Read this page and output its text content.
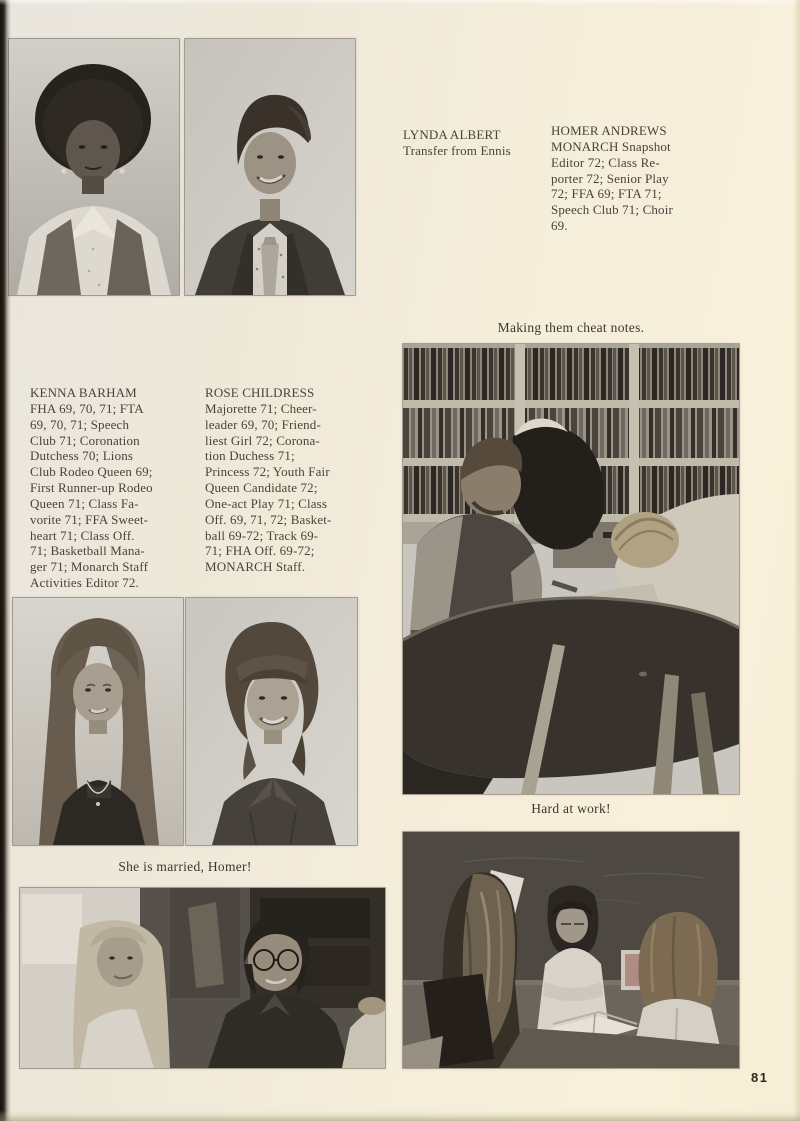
LYNDA ALBERT
Transfer from Ennis
HOMER ANDREWS
MONARCH Snapshot
Editor 72; Class Re-
porter 72; Senior Play
72; FFA 69; FTA 71;
Speech Club 71; Choir
69.
Making them cheat notes.
KENNA BARHAM
FHA 69, 70, 71; FTA
69, 70, 71; Speech
Club 71; Coronation
Dutchess 70; Lions
Club Rodeo Queen 69;
First Runner-up Rodeo
Queen 71; Class Fa-
vorite 71; FFA Sweet-
heart 71; Class Off.
71; Basketball Mana-
ger 71; Monarch Staff
Activities Editor 72.
ROSE CHILDRESS
Majorette 71; Cheer-
leader 69, 70; Friend-
liest Girl 72; Corona-
tion Duchess 71;
Princess 72; Youth Fair
Queen Candidate 72;
One-act Play 71; Class
Off. 69, 71, 72; Basket-
ball 69-72; Track 69-
71; FHA Off. 69-72;
MONARCH Staff.
She is married, Homer!
Hard at work!
81
